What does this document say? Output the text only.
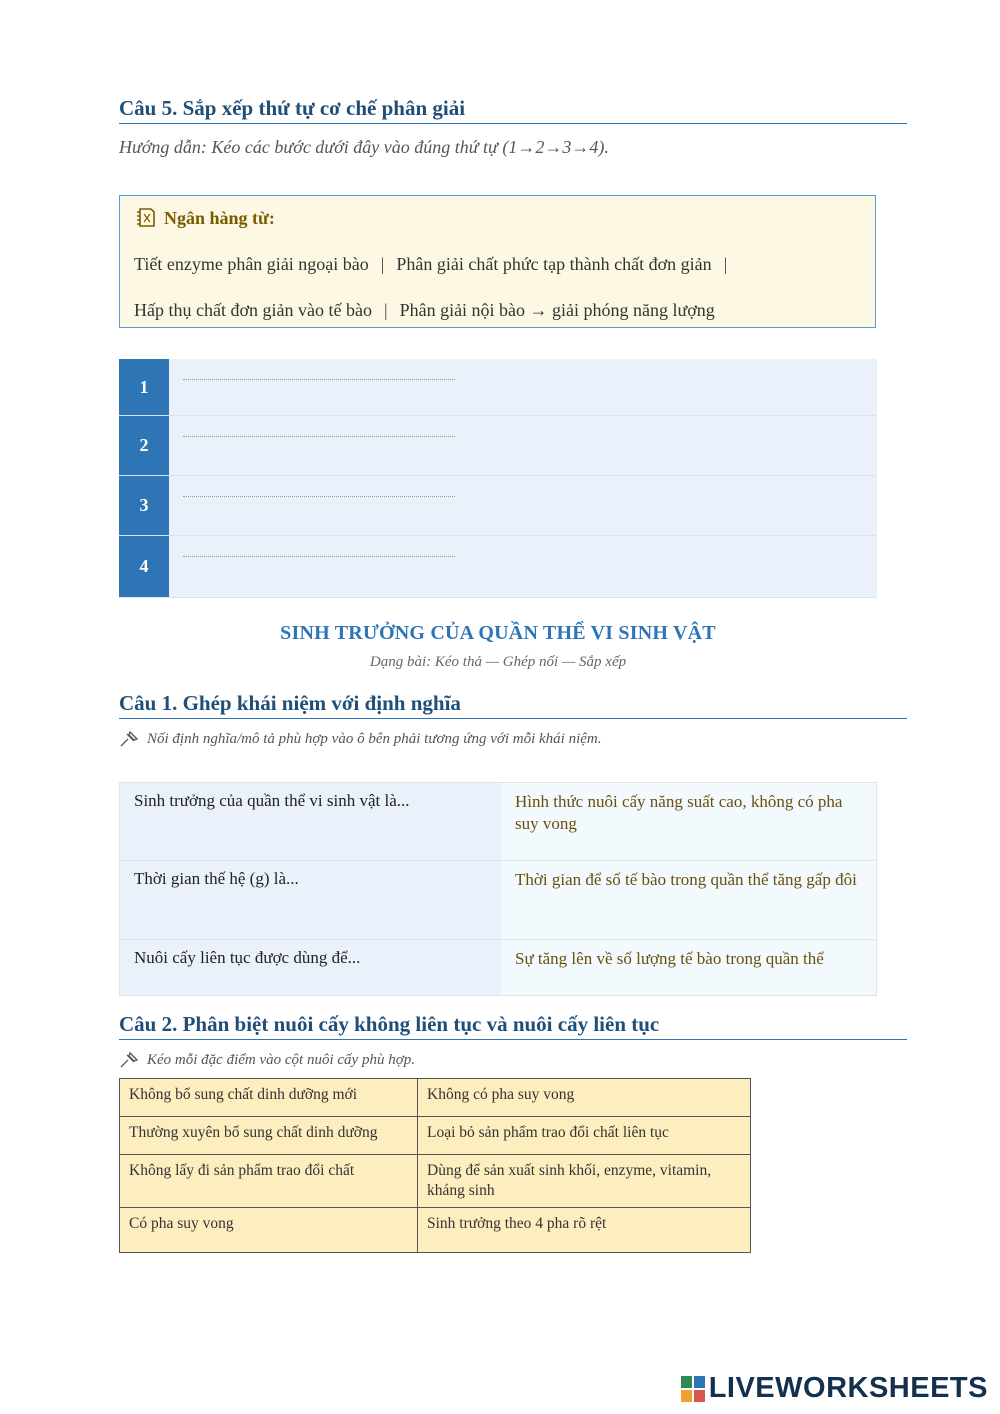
Câu 5. Sắp xếp thứ tự cơ chế phân giải
Hướng dẫn: Kéo các bước dưới đây vào đúng thứ tự (1→2→3→4).
Ngân hàng từ:
Tiết enzyme phân giải ngoại bào | Phân giải chất phức tạp thành chất đơn giản |
Hấp thụ chất đơn giản vào tế bào | Phân giải nội bào → giải phóng năng lượng
1
2
3
4
SINH TRƯỞNG CỦA QUẦN THỂ VI SINH VẬT
Dạng bài: Kéo thả — Ghép nối — Sắp xếp
Câu 1. Ghép khái niệm với định nghĩa
Nối định nghĩa/mô tả phù hợp vào ô bên phải tương ứng với mỗi khái niệm.
Sinh trưởng của quần thể vi sinh vật là...	Hình thức nuôi cấy năng suất cao, không có pha suy vong
Thời gian thế hệ (g) là...	Thời gian để số tế bào trong quần thể tăng gấp đôi
Nuôi cấy liên tục được dùng để...	Sự tăng lên về số lượng tế bào trong quần thể
Câu 2. Phân biệt nuôi cấy không liên tục và nuôi cấy liên tục
Kéo mỗi đặc điểm vào cột nuôi cấy phù hợp.
Không bổ sung chất dinh dưỡng mới	Không có pha suy vong
Thường xuyên bổ sung chất dinh dưỡng	Loại bỏ sản phẩm trao đổi chất liên tục
Không lấy đi sản phẩm trao đổi chất	Dùng để sản xuất sinh khối, enzyme, vitamin, kháng sinh
Có pha suy vong	Sinh trưởng theo 4 pha rõ rệt
LIVEWORKSHEETS
